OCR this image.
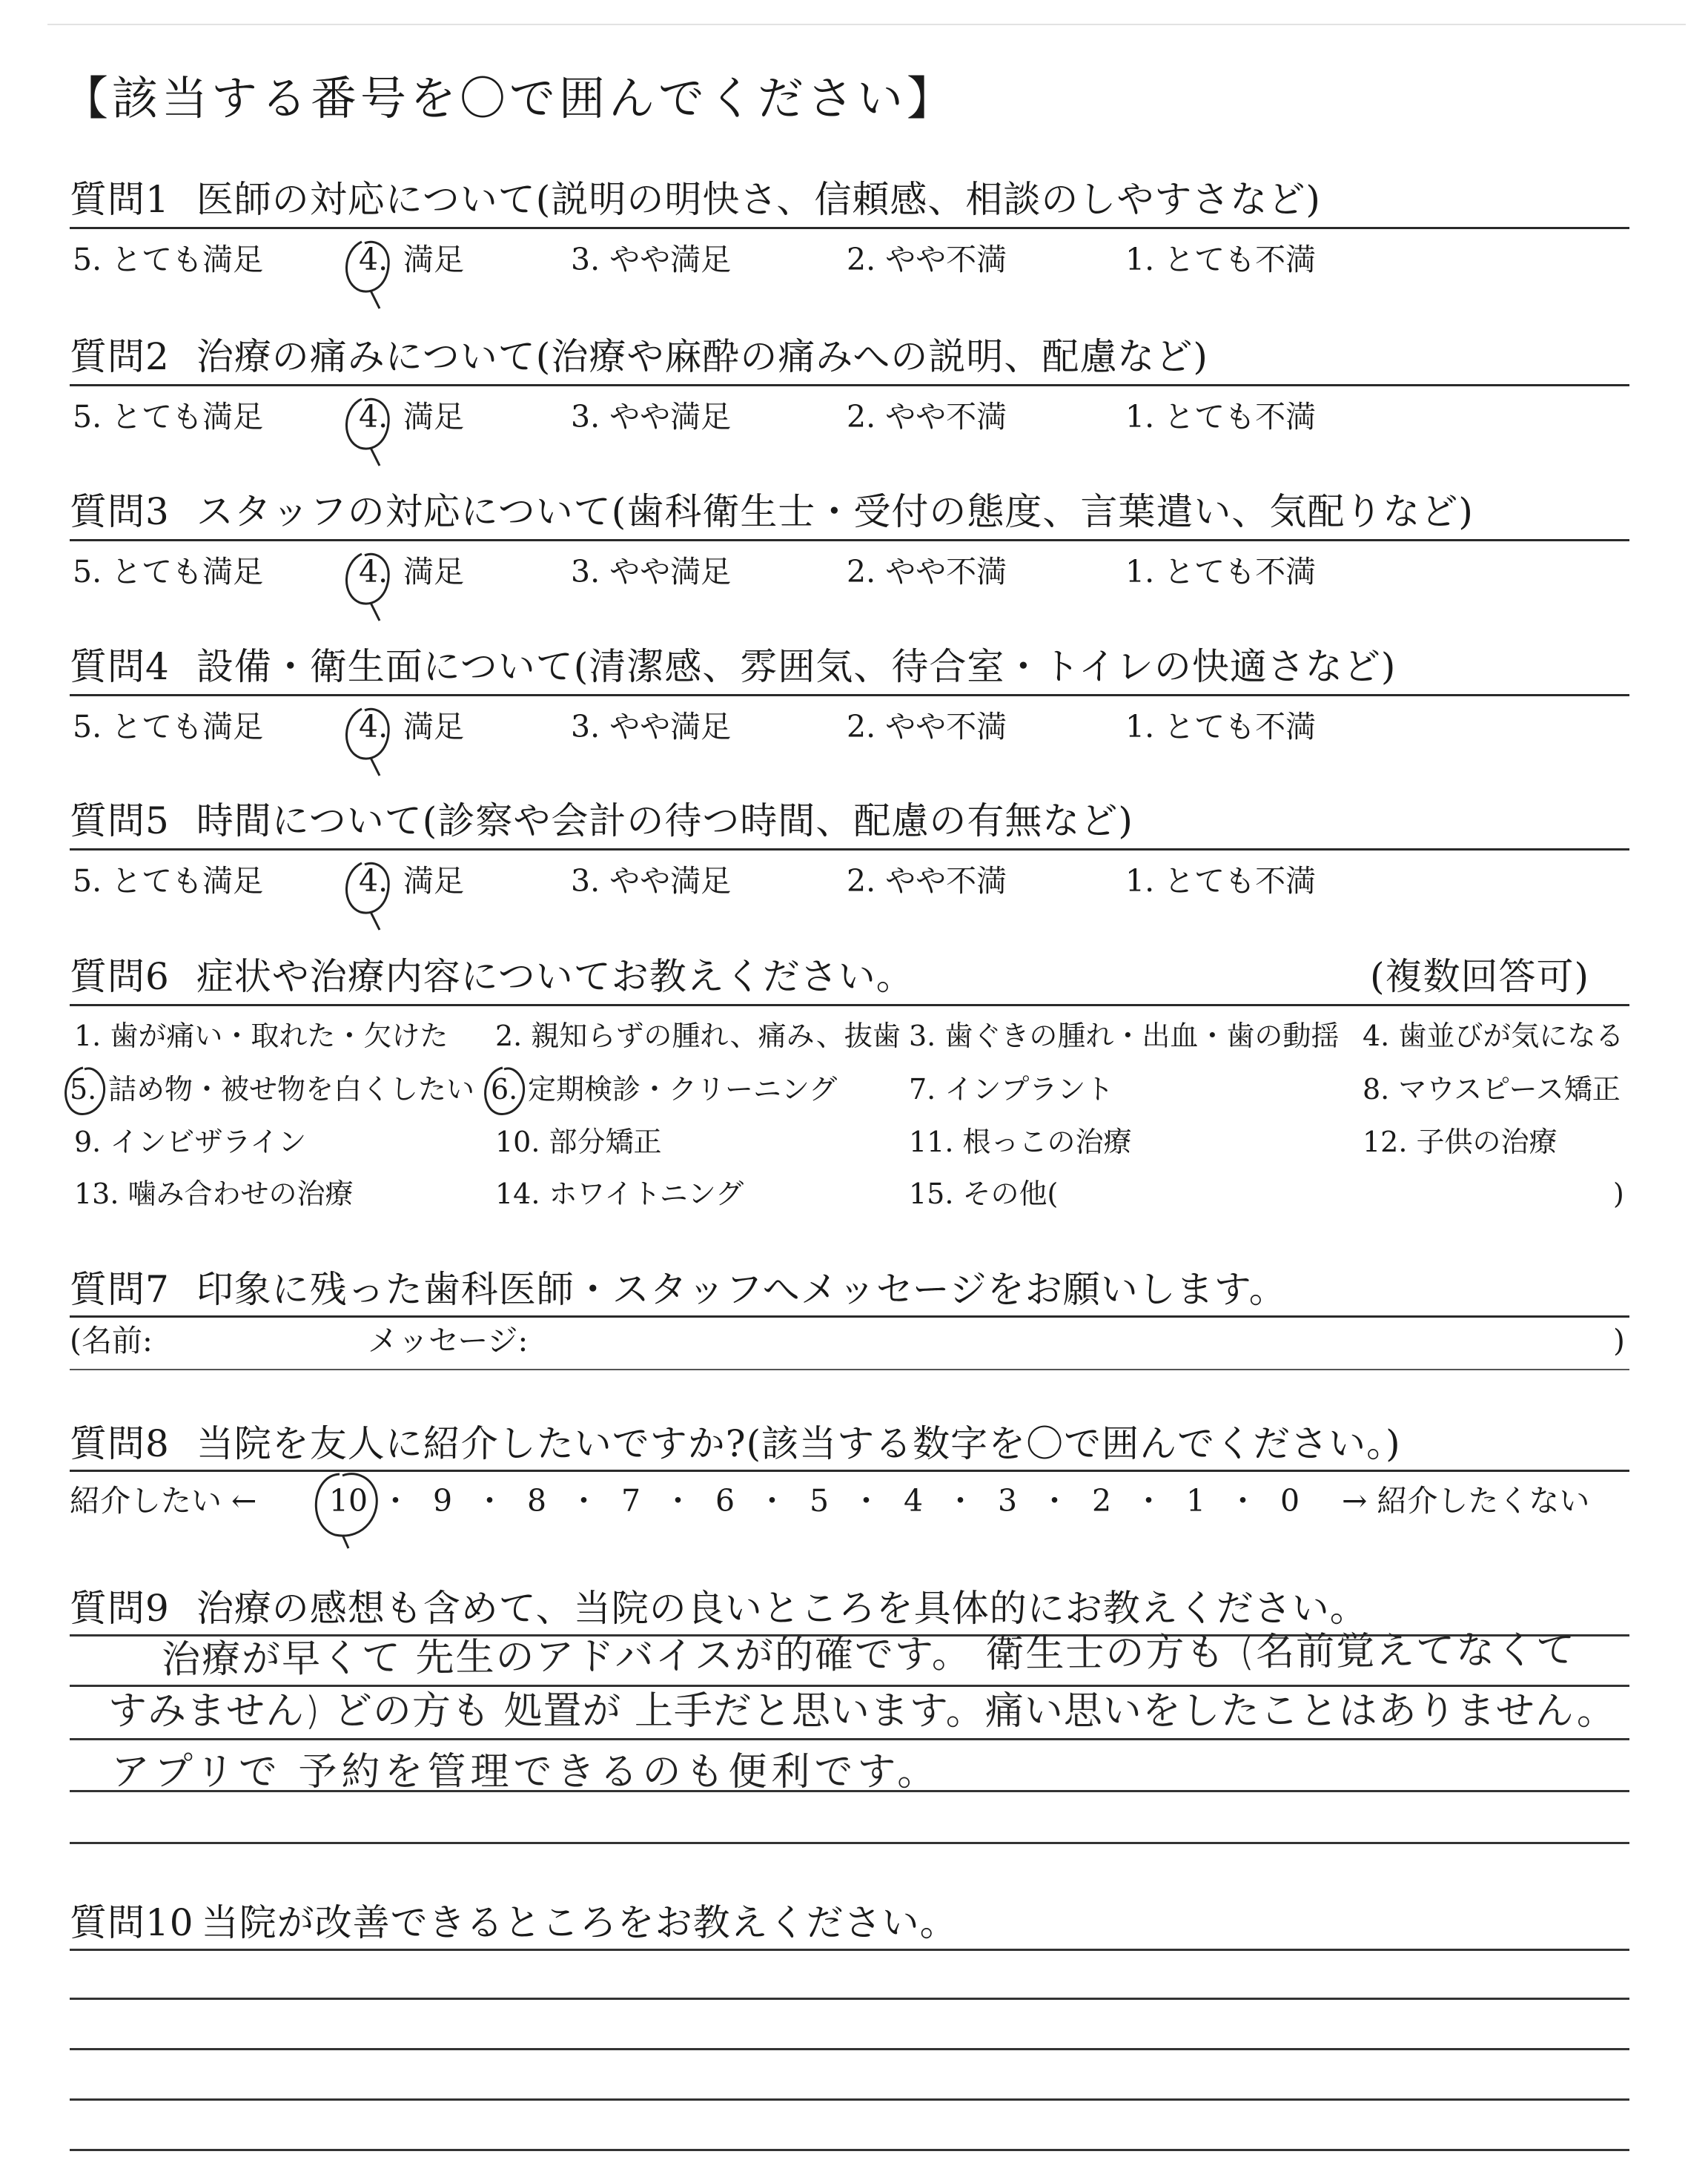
【該当する番号を〇で囲んでください】
質問1 医師の対応について(説明の明快さ、信頼感、相談のしやすさなど)
5. とても満足	4. 満足	3. やや満足	2. やや不満	1. とても不満
質問2 治療の痛みについて(治療や麻酔の痛みへの説明、配慮など)
5. とても満足	4. 満足	3. やや満足	2. やや不満	1. とても不満
質問3 スタッフの対応について(歯科衛生士・受付の態度、言葉遣い、気配りなど)
5. とても満足	4. 満足	3. やや満足	2. やや不満	1. とても不満
質問4 設備・衛生面について(清潔感、雰囲気、待合室・トイレの快適さなど)
5. とても満足	4. 満足	3. やや満足	2. やや不満	1. とても不満
質問5 時間について(診察や会計の待つ時間、配慮の有無など)
5. とても満足	4. 満足	3. やや満足	2. やや不満	1. とても不満
質問6 症状や治療内容についてお教えください。	(複数回答可)
1. 歯が痛い・取れた・欠けた 2. 親知らずの腫れ、痛み、抜歯 3. 歯ぐきの腫れ・出血・歯の動揺 4. 歯並びが気になる
5. 詰め物・被せ物を白くしたい 6. 定期検診・クリーニング	7. インプラント	8. マウスピース矯正
9. インビザライン	10. 部分矯正	11. 根っこの治療	12. 子供の治療
13. 噛み合わせの治療	14. ホワイトニング	15. その他(	)
質問7 印象に残った歯科医師・スタッフへメッセージをお願いします。
(名前:	メッセージ:	)
質問8 当院を友人に紹介したいですか?(該当する数字を〇で囲んでください。)
紹介したい ←	→ 紹介したくない
10 ・ 9 ・ 8 ・ 7 ・ 6 ・ 5 ・ 4 ・ 3 ・ 2 ・ 1 ・ 0
質問9 治療の感想も含めて、当院の良いところを具体的にお教えください。
治療が早くて 先生のアドバイスが的確です。 衛生士の方も (名前覚えてなくて
すみません) どの方も 処置が 上手だと思います。痛い思いをしたことはありません。
アプリで 予約を管理できるのも便利です。
質問10 当院が改善できるところをお教えください。
